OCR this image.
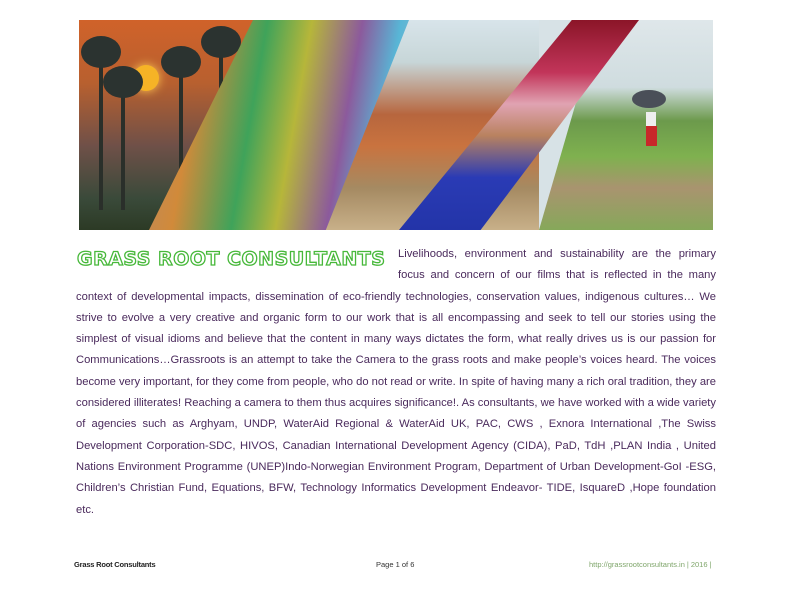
GRASS ROOT CONSULTANTS	Livelihoods, environment and sustainability are the primary focus and concern of our films that is reflected in the many context of developmental impacts, dissemination of eco-friendly technologies, conservation values, indigenous cultures… We strive to evolve a very creative and organic form to our work that is all encompassing and seek to tell our stories using the simplest of visual idioms and believe that the content in many ways dictates the form, what really drives us is our passion for Communications…Grassroots is an attempt to take the Camera to the grass roots and make people’s voices heard. The voices become very important, for they come from people, who do not read or write. In spite of having many a rich oral tradition, they are considered illiterates! Reaching a camera to them thus acquires significance!. As consultants, we have worked with a wide variety of agencies such as Arghyam, UNDP, WaterAid Regional & WaterAid UK, PAC, CWS , Exnora International ,The Swiss Development Corporation-SDC, HIVOS, Canadian International Development Agency (CIDA), PaD, TdH ,PLAN India , United Nations Environment Programme (UNEP)Indo-Norwegian Environment Program, Department of Urban Development-GoI -ESG, Children’s Christian Fund, Equations, BFW, Technology Informatics Development Endeavor- TIDE, IsquareD ,Hope foundation etc.
Grass Root Consultants	Page 1 of 6	http://grassrootconsultants.in | 2016 |
